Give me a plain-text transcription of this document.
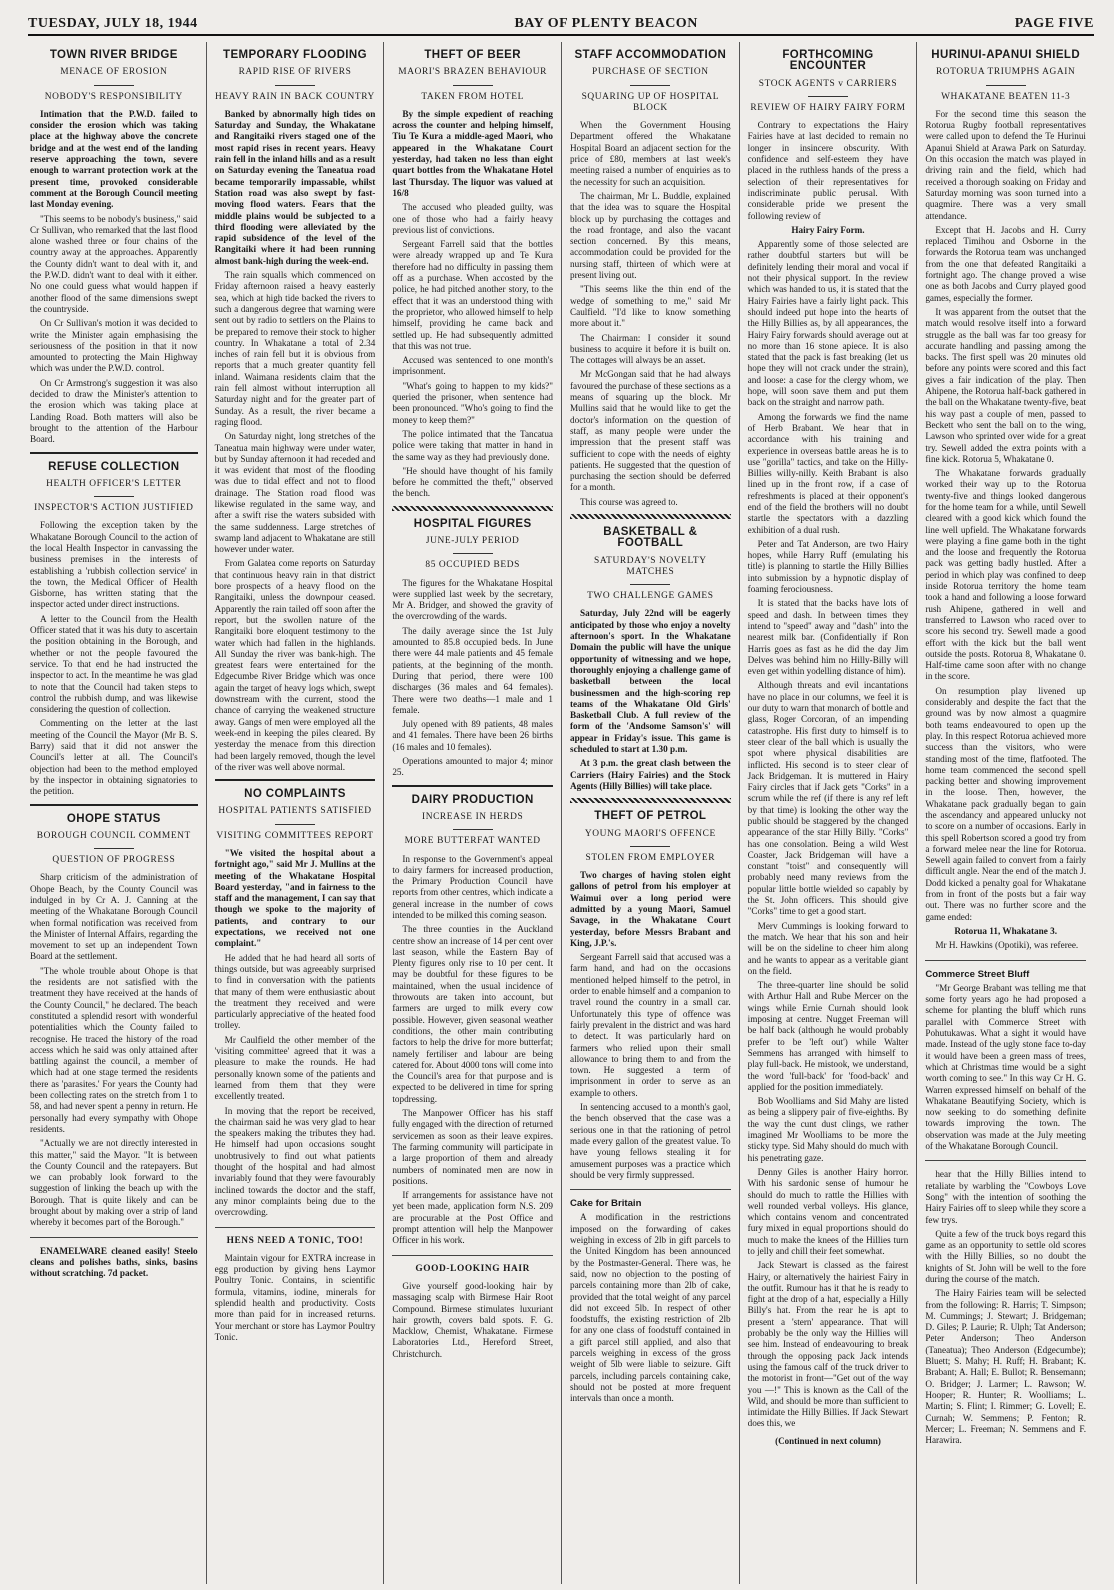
TUESDAY, JULY 18, 1944	BAY OF PLENTY BEACON	PAGE FIVE
TOWN RIVER BRIDGE
MENACE OF EROSION
NOBODY'S RESPONSIBILITY

Intimation that the P.W.D. failed to consider the erosion which was taking place at the highway above the concrete bridge and at the west end of the landing reserve approaching the town, severe enough to warrant protection work at the present time, provoked considerable comment at the Borough Council meeting last Monday evening.

"This seems to be nobody's business," said Cr Sullivan, who remarked that the last flood alone washed three or four chains of the country away at the approaches. Apparently the County didn't want to deal with it, and the P.W.D. didn't want to deal with it either. No one could guess what would happen if another flood of the same dimensions swept the countryside.

On Cr Sullivan's motion it was decided to write the Minister again emphasising the seriousness of the position in that it now amounted to protecting the Main Highway which was under the P.W.D. control.

On Cr Armstrong's suggestion it was also decided to draw the Minister's attention to the erosion which was taking place at Landing Road. Both matters will also be brought to the attention of the Harbour Board.

REFUSE COLLECTION
HEALTH OFFICER'S LETTER
INSPECTOR'S ACTION JUSTIFIED

Following the exception taken by the Whakatane Borough Council to the action of the local Health Inspector in canvassing the business premises in the interests of establishing a 'rubbish collection service' in the town, the Medical Officer of Health Gisborne, has written stating that the inspector acted under direct instructions.

A letter to the Council from the Health Officer stated that it was his duty to ascertain the position obtaining in the Borough, and whether or not the people favoured the service. To that end he had instructed the inspector to act. In the meantime he was glad to note that the Council had taken steps to control the rubbish dump, and was likewise considering the question of collection.

Commenting on the letter at the last meeting of the Council the Mayor (Mr B. S. Barry) said that it did not answer the Council's letter at all. The Council's objection had been to the method employed by the inspector in obtaining signatories to the petition.

OHOPE STATUS
BOROUGH COUNCIL COMMENT
QUESTION OF PROGRESS

Sharp criticism of the administration of Ohope Beach, by the County Council was indulged in by Cr A. J. Canning at the meeting of the Whakatane Borough Council when formal notification was received from the Minister of Internal Affairs, regarding the movement to set up an independent Town Board at the settlement.

"The whole trouble about Ohope is that the residents are not satisfied with the treatment they have received at the hands of the County Council," he declared. The beach constituted a splendid resort with wonderful potentialities which the County failed to recognise. He traced the history of the road access which he said was only attained after battling against the council, a member of which had at one stage termed the residents there as 'parasites.' For years the County had been collecting rates on the stretch from 1 to 58, and had never spent a penny in return. He personally had every sympathy with Ohope residents.

"Actually we are not directly interested in this matter," said the Mayor. "It is between the County Council and the ratepayers. But we can probably look forward to the suggestion of linking the beach up with the Borough. That is quite likely and can be brought about by making over a strip of land whereby it becomes part of the Borough."

ENAMELWARE cleaned easily! Steelo cleans and polishes baths, sinks, basins without scratching. 7d packet.

TEMPORARY FLOODING
RAPID RISE OF RIVERS
HEAVY RAIN IN BACK COUNTRY

Banked by abnormally high tides on Saturday and Sunday, the Whakatane and Rangitaiki rivers staged one of the most rapid rises in recent years. Heavy rain fell in the inland hills and as a result on Saturday evening the Taneatua road became temporarily impassable, whilst Station road was also swept by fast-moving flood waters. Fears that the middle plains would be subjected to a third flooding were alleviated by the rapid subsidence of the level of the Rangitaiki where it had been running almost bank-high during the week-end.

The rain squalls which commenced on Friday afternoon raised a heavy easterly sea, which at high tide backed the rivers to such a dangerous degree that warning were sent out by radio to settlers on the Plains to be prepared to remove their stock to higher country. In Whakatane a total of 2.34 inches of rain fell but it is obvious from reports that a much greater quantity fell inland. Waimana residents claim that the rain fell almost without interruption all Saturday night and for the greater part of Sunday. As a result, the river became a raging flood.

On Saturday night, long stretches of the Taneatua main highway were under water, but by Sunday afternoon it had receded and it was evident that most of the flooding was due to tidal effect and not to flood drainage. The Station road flood was likewise regulated in the same way, and after a swift rise the waters subsided with the same suddenness. Large stretches of swamp land adjacent to Whakatane are still however under water.

From Galatea come reports on Saturday that continuous heavy rain in that district bore prospects of a heavy flood on the Rangitaiki, unless the downpour ceased. Apparently the rain tailed off soon after the report, but the swollen nature of the Rangitaiki bore eloquent testimony to the water which had fallen in the highlands. All Sunday the river was bank-high. The greatest fears were entertained for the Edgecumbe River Bridge which was once again the target of heavy logs which, swept downstream with the current, stood the chance of carrying the weakened structure away. Gangs of men were employed all the week-end in keeping the piles cleared. By yesterday the menace from this direction had been largely removed, though the level of the river was well above normal.

NO COMPLAINTS
HOSPITAL PATIENTS SATISFIED
VISITING COMMITTEES REPORT

"We visited the hospital about a fortnight ago," said Mr J. Mullins at the meeting of the Whakatane Hospital Board yesterday, "and in fairness to the staff and the management, I can say that though we spoke to the majority of patients, and contrary to our expectations, we received not one complaint."

He added that he had heard all sorts of things outside, but was agreeably surprised to find in conversation with the patients that many of them were enthusiastic about the treatment they received and were particularly appreciative of the heated food trolley.

Mr Caulfield the other member of the 'visiting committee' agreed that it was a pleasure to make the rounds. He had personally known some of the patients and learned from them that they were excellently treated.

In moving that the report be received, the chairman said he was very glad to hear the speakers making the tributes they had. He himself had upon occasions sought unobtrusively to find out what patients thought of the hospital and had almost invariably found that they were favourably inclined towards the doctor and the staff, any minor complaints being due to the overcrowding.

HENS NEED A TONIC, TOO!

Maintain vigour for EXTRA increase in egg production by giving hens Laymor Poultry Tonic. Contains, in scientific formula, vitamins, iodine, minerals for splendid health and productivity. Costs more than paid for in increased returns. Your merchant or store has Laymor Poultry Tonic.

THEFT OF BEER
MAORI'S BRAZEN BEHAVIOUR
TAKEN FROM HOTEL

By the simple expedient of reaching across the counter and helping himself, Tiu Te Kura a middle-aged Maori, who appeared in the Whakatane Court yesterday, had taken no less than eight quart bottles from the Whakatane Hotel last Thursday. The liquor was valued at 16/8

The accused who pleaded guilty, was one of those who had a fairly heavy previous list of convictions.

Sergeant Farrell said that the bottles were already wrapped up and Te Kura therefore had no difficulty in passing them off as a purchase. When accosted by the police, he had pitched another story, to the effect that it was an understood thing with the proprietor, who allowed himself to help himself, providing he came back and settled up. He had subsequently admitted that this was not true.

Accused was sentenced to one month's imprisonment.

"What's going to happen to my kids?" queried the prisoner, when sentence had been pronounced. "Who's going to find the money to keep them?"

The police intimated that the Tancatua police were taking that matter in hand in the same way as they had previously done.

"He should have thought of his family before he committed the theft," observed the bench.

HOSPITAL FIGURES
JUNE-JULY PERIOD
85 OCCUPIED BEDS

The figures for the Whakatane Hospital were supplied last week by the secretary, Mr A. Bridger, and showed the gravity of the overcrowding of the wards.

The daily average since the 1st July amounted to 85.8 occupied beds. In June there were 44 male patients and 45 female patients, at the beginning of the month. During that period, there were 100 discharges (36 males and 64 females). There were two deaths—1 male and 1 female.

July opened with 89 patients, 48 males and 41 females. There have been 26 births (16 males and 10 females).

Operations amounted to major 4; minor 25.

DAIRY PRODUCTION
INCREASE IN HERDS
MORE BUTTERFAT WANTED

In response to the Government's appeal to dairy farmers for increased production, the Primary Production Council have reports from other centres, which indicate a general increase in the number of cows intended to be milked this coming season.

The three counties in the Auckland centre show an increase of 14 per cent over last season, while the Eastern Bay of Plenty figures only rise to 10 per cent. It may be doubtful for these figures to be maintained, when the usual incidence of throwouts are taken into account, but farmers are urged to milk every cow possible. However, given seasonal weather conditions, the other main contributing factors to help the drive for more butterfat; namely fertiliser and labour are being catered for. About 4000 tons will come into the Council's area for that purpose and is expected to be delivered in time for spring topdressing.

The Manpower Officer has his staff fully engaged with the direction of returned servicemen as soon as their leave expires. The farming community will participate in a large proportion of them and already numbers of nominated men are now in positions.

If arrangements for assistance have not yet been made, application form N.S. 209 are procurable at the Post Office and prompt attention will help the Manpower Officer in his work.

GOOD-LOOKING HAIR

Give yourself good-looking hair by massaging scalp with Birmese Hair Root Compound. Birmese stimulates luxuriant hair growth, covers bald spots. F. G. Macklow, Chemist, Whakatane. Firmese Laboratories Ltd., Hereford Street, Christchurch.

STAFF ACCOMMODATION
PURCHASE OF SECTION
SQUARING UP OF HOSPITAL BLOCK

When the Government Housing Department offered the Whakatane Hospital Board an adjacent section for the price of £80, members at last week's meeting raised a number of enquiries as to the necessity for such an acquisition.

The chairman, Mr L. Buddle, explained that the idea was to square the Hospital block up by purchasing the cottages and the road frontage, and also the vacant section concerned. By this means, accommodation could be provided for the nursing staff, thirteen of which were at present living out.

"This seems like the thin end of the wedge of something to me," said Mr Caulfield. "I'd like to know something more about it."

The Chairman: I consider it sound business to acquire it before it is built on. The cottages will always be an asset.

Mr McGongan said that he had always favoured the purchase of these sections as a means of squaring up the block. Mr Mullins said that he would like to get the doctor's information on the question of staff, as many people were under the impression that the present staff was sufficient to cope with the needs of eighty patients. He suggested that the question of purchasing the section should be deferred for a month.

This course was agreed to.

BASKETBALL & FOOTBALL
SATURDAY'S NOVELTY MATCHES
TWO CHALLENGE GAMES

Saturday, July 22nd will be eagerly anticipated by those who enjoy a novelty afternoon's sport. In the Whakatane Domain the public will have the unique opportunity of witnessing and we hope, thoroughly enjoying a challenge game of basketball between the local businessmen and the high-scoring rep teams of the Whakatane Old Girls' Basketball Club. A full review of the form of the 'Andsome Samson's' will appear in Friday's issue. This game is scheduled to start at 1.30 p.m.

At 3 p.m. the great clash between the Carriers (Hairy Fairies) and the Stock Agents (Hilly Billies) will take place.

THEFT OF PETROL
YOUNG MAORI'S OFFENCE
STOLEN FROM EMPLOYER

Two charges of having stolen eight gallons of petrol from his employer at Waimui over a long period were admitted by a young Maori, Samuel Savage, in the Whakatane Court yesterday, before Messrs Brabant and King, J.P.'s.

Sergeant Farrell said that accused was a farm hand, and had on the occasions mentioned helped himself to the petrol, in order to enable himself and a companion to travel round the country in a small car. Unfortunately this type of offence was fairly prevalent in the district and was hard to detect. It was particularly hard on farmers who relied upon their small allowance to bring them to and from the town. He suggested a term of imprisonment in order to serve as an example to others.

In sentencing accused to a month's gaol, the bench observed that the case was a serious one in that the rationing of petrol made every gallon of the greatest value. To have young fellows stealing it for amusement purposes was a practice which should be very firmly suppressed.

Cake for Britain

A modification in the restrictions imposed on the forwarding of cakes weighing in excess of 2lb in gift parcels to the United Kingdom has been announced by the Postmaster-General. There was, he said, now no objection to the posting of parcels containing more than 2lb of cake, provided that the total weight of any parcel did not exceed 5lb. In respect of other foodstuffs, the existing restriction of 2lb for any one class of foodstuff contained in a gift parcel still applied, and also that parcels weighing in excess of the gross weight of 5lb were liable to seizure. Gift parcels, including parcels containing cake, should not be posted at more frequent intervals than once a month.

FORTHCOMING ENCOUNTER
STOCK AGENTS v CARRIERS
REVIEW OF HAIRY FAIRY FORM

Contrary to expectations the Hairy Fairies have at last decided to remain no longer in insincere obscurity. With confidence and self-esteem they have placed in the ruthless hands of the press a selection of their representatives for indiscriminate public perusal. With considerable pride we present the following review of

Hairy Fairy Form.

Apparently some of those selected are rather doubtful starters but will be definitely lending their moral and vocal if not their physical support. In the review which was handed to us, it is stated that the Hairy Fairies have a fairly light pack. This should indeed put hope into the hearts of the Hilly Billies as, by all appearances, the Hairy Fairy forwards should average out at no more than 16 stone apiece. It is also stated that the pack is fast breaking (let us hope they will not crack under the strain), and loose: a case for the clergy whom, we hope, will soon save them and put them back on the straight and narrow path.

Among the forwards we find the name of Herb Brabant. We hear that in accordance with his training and experience in overseas battle areas he is to use "gorilla" tactics, and take on the Hilly-Billies willy-nilly. Keith Brabant is also lined up in the front row, if a case of refreshments is placed at their opponent's end of the field the brothers will no doubt startle the spectators with a dazzling exhibition of a dual rush.

Peter and Tat Anderson, are two Hairy hopes, while Harry Ruff (emulating his title) is planning to startle the Hilly Billies into submission by a hypnotic display of foaming ferociousness.

It is stated that the backs have lots of speed and dash. In between times they intend to "speed" away and "dash" into the nearest milk bar. (Confidentially if Ron Harris goes as fast as he did the day Jim Delves was behind him no Hilly-Billy will even get within yodelling distance of him).

Although threats and evil incantations have no place in our columns, we feel it is our duty to warn that monarch of bottle and glass, Roger Corcoran, of an impending catastrophe. His first duty to himself is to steer clear of the ball which is usually the spot where physical disabilities are inflicted. His second is to steer clear of Jack Bridgeman. It is muttered in Hairy Fairy circles that if Jack gets "Corks" in a scrum while the ref (if there is any ref left by that time) is looking the other way the public should be staggered by the changed appearance of the star Hilly Billy. "Corks" has one consolation. Being a wild West Coaster, Jack Bridgeman will have a constant "toist" and consequently will probably need many reviews from the popular little bottle wielded so capably by the St. John officers. This should give "Corks" time to get a good start.

Merv Cummings is looking forward to the match. We hear that his son and heir will be on the sideline to cheer him along and he wants to appear as a veritable giant on the field.

The three-quarter line should be solid with Arthur Hall and Rube Mercer on the wings while Ernie Curnah should look imposing at centre. Nugget Freeman will be half back (although he would probably prefer to be 'left out') while Walter Semmens has arranged with himself to play full-back. He mistook, we understand, the word 'full-back' for 'food-back' and applied for the position immediately.

Bob Woolliams and Sid Mahy are listed as being a slippery pair of five-eighths. By the way the cunt dust clings, we rather imagined Mr Woolliams to be more the sticky type. Sid Mahy should do much with his penetrating gaze.

Denny Giles is another Hairy horror. With his sardonic sense of humour he should do much to rattle the Hillies with well rounded verbal volleys. His glance, which contains venom and concentrated fury mixed in equal proportions should do much to make the knees of the Hillies turn to jelly and chill their feet somewhat.

Jack Stewart is classed as the fairest Hairy, or alternatively the hairiest Fairy in the outfit. Rumour has it that he is ready to fight at the drop of a hat, especially a Hilly Billy's hat. From the rear he is apt to present a 'stern' appearance. That will probably be the only way the Hillies will see him. Instead of endeavouring to break through the opposing pack Jack intends using the famous calf of the truck driver to the motorist in front—"Get out of the way you —!" This is known as the Call of the Wild, and should be more than sufficient to intimidate the Hilly Billies. If Jack Stewart does this, we

(Continued in next column)
HURINUI-APANUI SHIELD
ROTORUA TRIUMPHS AGAIN
WHAKATANE BEATEN 11-3

For the second time this season the Rotorua Rugby football representatives were called upon to defend the Te Hurinui Apanui Shield at Arawa Park on Saturday. On this occasion the match was played in driving rain and the field, which had received a thorough soaking on Friday and Saturday morning was soon turned into a quagmire. There was a very small attendance.

Except that H. Jacobs and H. Curry replaced Timihou and Osborne in the forwards the Rotorua team was unchanged from the one that defeated Rangitaiki a fortnight ago. The change proved a wise one as both Jacobs and Curry played good games, especially the former.

It was apparent from the outset that the match would resolve itself into a forward struggle as the ball was far too greasy for accurate handling and passing among the backs. The first spell was 20 minutes old before any points were scored and this fact gives a fair indication of the play. Then Ahipene, the Rotorua half-back gathered in the ball on the Whakatane twenty-five, beat his way past a couple of men, passed to Beckett who sent the ball on to the wing, Lawson who sprinted over wide for a great try. Sewell added the extra points with a fine kick. Rotorua 5, Whakatane 0.

The Whakatane forwards gradually worked their way up to the Rotorua twenty-five and things looked dangerous for the home team for a while, until Sewell cleared with a good kick which found the line well upfield. The Whakatane forwards were playing a fine game both in the tight and the loose and frequently the Rotorua pack was getting badly hustled. After a period in which play was confined to deep inside Rotorua territory the home team took a hand and following a loose forward rush Ahipene, gathered in well and transferred to Lawson who raced over to score his second try. Sewell made a good effort with the kick but the ball went outside the posts. Rotorua 8, Whakatane 0. Half-time came soon after with no change in the score.

On resumption play livened up considerably and despite the fact that the ground was by now almost a quagmire both teams endeavoured to open up the play. In this respect Rotorua achieved more success than the visitors, who were standing most of the time, flatfooted. The home team commenced the second spell packing better and showing improvement in the loose. Then, however, the Whakatane pack gradually began to gain the ascendancy and appeared unlucky not to score on a number of occasions. Early in this spell Robertson scored a good try from a forward melee near the line for Rotorua. Sewell again failed to convert from a fairly difficult angle. Near the end of the match J. Dodd kicked a penalty goal for Whakatane from in front of the posts but a fair way out. There was no further score and the game ended:

Rotorua 11, Whakatane 3.

Mr H. Hawkins (Opotiki), was referee.

Commerce Street Bluff

"Mr George Brabant was telling me that some forty years ago he had proposed a scheme for planting the bluff which runs parallel with Commerce Street with Pohutukawas. What a sight it would have made. Instead of the ugly stone face to-day it would have been a green mass of trees, which at Christmas time would be a sight worth coming to see." In this way Cr H. G. Warren expressed himself on behalf of the Whakatane Beautifying Society, which is now seeking to do something definite towards improving the town. The observation was made at the July meeting of the Whakatane Borough Council.

hear that the Hilly Billies intend to retaliate by warbling the "Cowboys Love Song" with the intention of soothing the Hairy Fairies off to sleep while they score a few trys.

Quite a few of the truck boys regard this game as an opportunity to settle old scores with the Hilly Billies, so no doubt the knights of St. John will be well to the fore during the course of the match.

The Hairy Fairies team will be selected from the following: R. Harris; T. Simpson; M. Cummings; J. Stewart; J. Bridgeman; D. Giles; P. Laurie; R. Ulph; Tat Anderson; Peter Anderson; Theo Anderson (Taneatua); Theo Anderson (Edgecumbe); Bluett; S. Mahy; H. Ruff; H. Brabant; K. Brabant; A. Hall; E. Bullot; R. Bensemann; O. Bridger; J. Larmer; L. Rawson; W. Hooper; R. Hunter; R. Woolliams; L. Martin; S. Flint; I. Rimmer; G. Lovell; E. Curnah; W. Semmens; P. Fenton; R. Mercer; L. Freeman; N. Semmens and F. Harawira.
